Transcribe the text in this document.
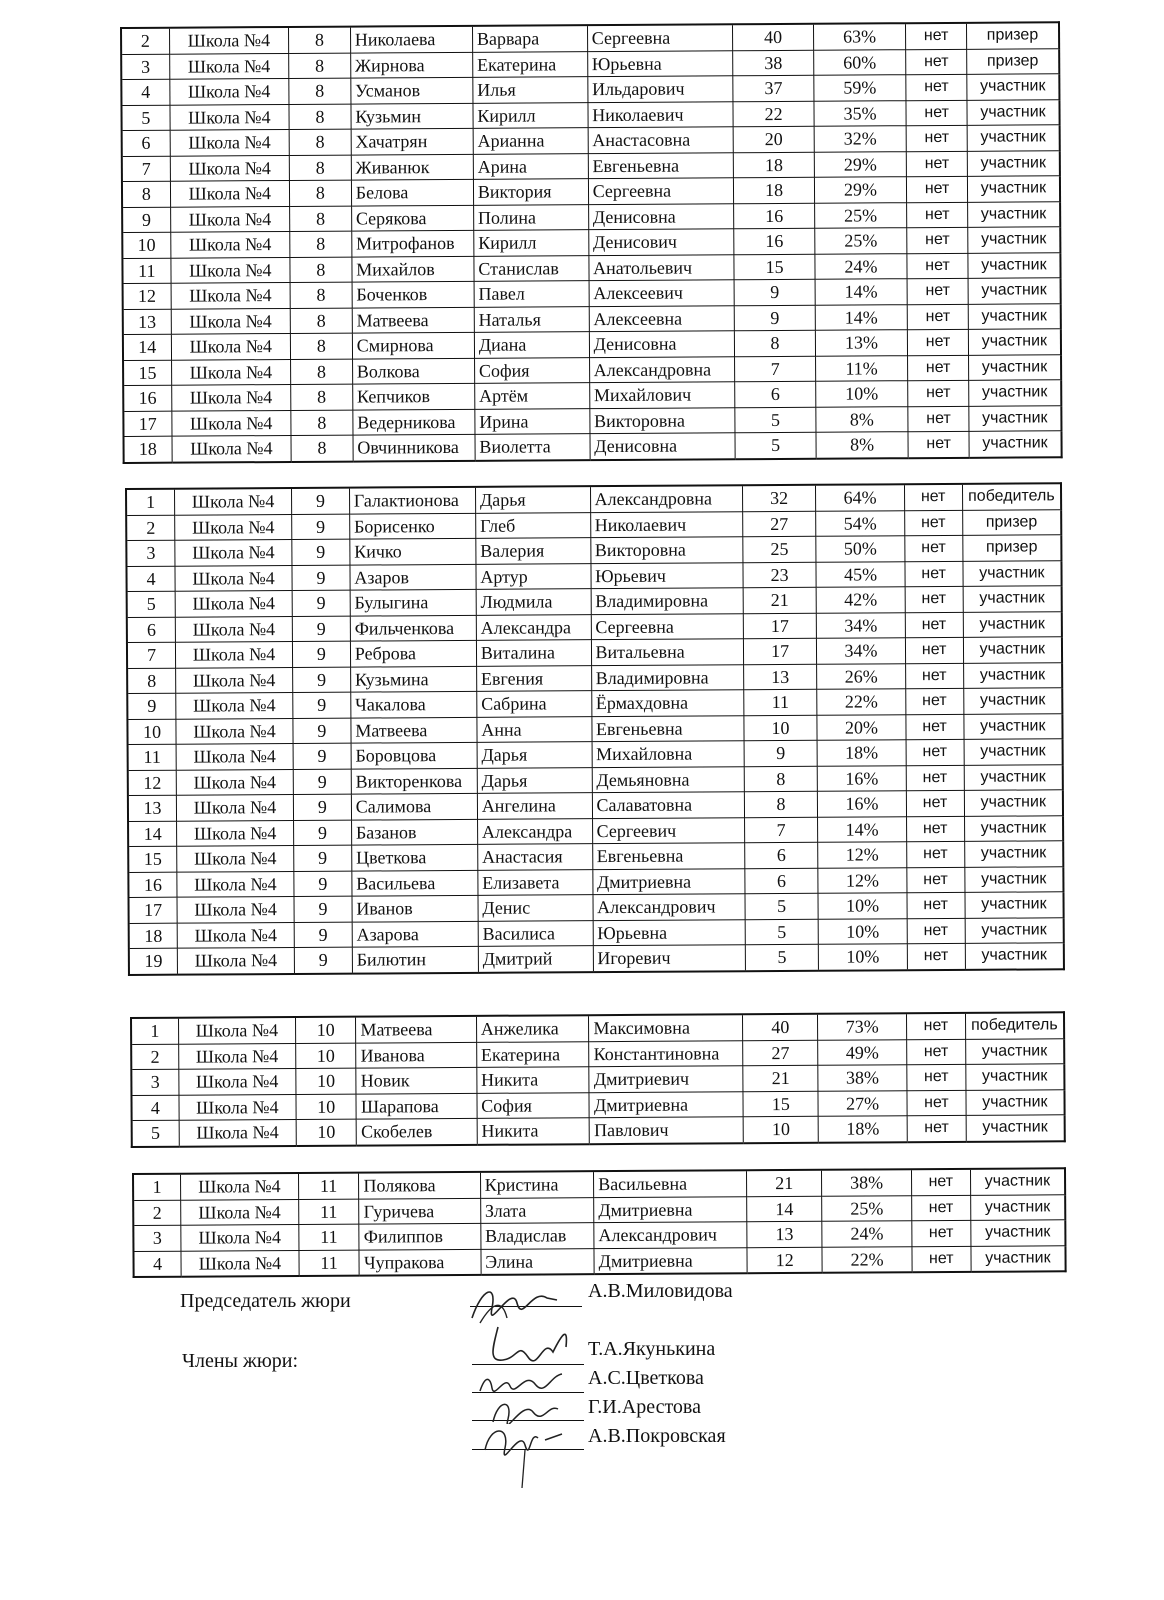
2	Школа №4	8	Николаева	Варвара	Сергеевна	40	63%	нет	призер
3	Школа №4	8	Жирнова	Екатерина	Юрьевна	38	60%	нет	призер
4	Школа №4	8	Усманов	Илья	Ильдарович	37	59%	нет	участник
5	Школа №4	8	Кузьмин	Кирилл	Николаевич	22	35%	нет	участник
6	Школа №4	8	Хачатрян	Арианна	Анастасовна	20	32%	нет	участник
7	Школа №4	8	Живанюк	Арина	Евгеньевна	18	29%	нет	участник
8	Школа №4	8	Белова	Виктория	Сергеевна	18	29%	нет	участник
9	Школа №4	8	Серякова	Полина	Денисовна	16	25%	нет	участник
10	Школа №4	8	Митрофанов	Кирилл	Денисович	16	25%	нет	участник
11	Школа №4	8	Михайлов	Станислав	Анатольевич	15	24%	нет	участник
12	Школа №4	8	Боченков	Павел	Алексеевич	9	14%	нет	участник
13	Школа №4	8	Матвеева	Наталья	Алексеевна	9	14%	нет	участник
14	Школа №4	8	Смирнова	Диана	Денисовна	8	13%	нет	участник
15	Школа №4	8	Волкова	София	Александровна	7	11%	нет	участник
16	Школа №4	8	Кепчиков	Артём	Михайлович	6	10%	нет	участник
17	Школа №4	8	Ведерникова	Ирина	Викторовна	5	8%	нет	участник
18	Школа №4	8	Овчинникова	Виолетта	Денисовна	5	8%	нет	участник
1	Школа №4	9	Галактионова	Дарья	Александровна	32	64%	нет	победитель
2	Школа №4	9	Борисенко	Глеб	Николаевич	27	54%	нет	призер
3	Школа №4	9	Кичко	Валерия	Викторовна	25	50%	нет	призер
4	Школа №4	9	Азаров	Артур	Юрьевич	23	45%	нет	участник
5	Школа №4	9	Булыгина	Людмила	Владимировна	21	42%	нет	участник
6	Школа №4	9	Фильченкова	Александра	Сергеевна	17	34%	нет	участник
7	Школа №4	9	Реброва	Виталина	Витальевна	17	34%	нет	участник
8	Школа №4	9	Кузьмина	Евгения	Владимировна	13	26%	нет	участник
9	Школа №4	9	Чакалова	Сабрина	Ёрмахдовна	11	22%	нет	участник
10	Школа №4	9	Матвеева	Анна	Евгеньевна	10	20%	нет	участник
11	Школа №4	9	Боровцова	Дарья	Михайловна	9	18%	нет	участник
12	Школа №4	9	Викторенкова	Дарья	Демьяновна	8	16%	нет	участник
13	Школа №4	9	Салимова	Ангелина	Салаватовна	8	16%	нет	участник
14	Школа №4	9	Базанов	Александра	Сергеевич	7	14%	нет	участник
15	Школа №4	9	Цветкова	Анастасия	Евгеньевна	6	12%	нет	участник
16	Школа №4	9	Васильева	Елизавета	Дмитриевна	6	12%	нет	участник
17	Школа №4	9	Иванов	Денис	Александрович	5	10%	нет	участник
18	Школа №4	9	Азарова	Василиса	Юрьевна	5	10%	нет	участник
19	Школа №4	9	Билютин	Дмитрий	Игоревич	5	10%	нет	участник
1	Школа №4	10	Матвеева	Анжелика	Максимовна	40	73%	нет	победитель
2	Школа №4	10	Иванова	Екатерина	Константиновна	27	49%	нет	участник
3	Школа №4	10	Новик	Никита	Дмитриевич	21	38%	нет	участник
4	Школа №4	10	Шарапова	София	Дмитриевна	15	27%	нет	участник
5	Школа №4	10	Скобелев	Никита	Павлович	10	18%	нет	участник
1	Школа №4	11	Полякова	Кристина	Васильевна	21	38%	нет	участник
2	Школа №4	11	Гуричева	Злата	Дмитриевна	14	25%	нет	участник
3	Школа №4	11	Филиппов	Владислав	Александрович	13	24%	нет	участник
4	Школа №4	11	Чупракова	Элина	Дмитриевна	12	22%	нет	участник
Председатель жюри	А.В.Миловидова
Члены жюри:
Т.А.Якунькина
А.С.Цветкова
Г.И.Арестова
А.В.Покровская
